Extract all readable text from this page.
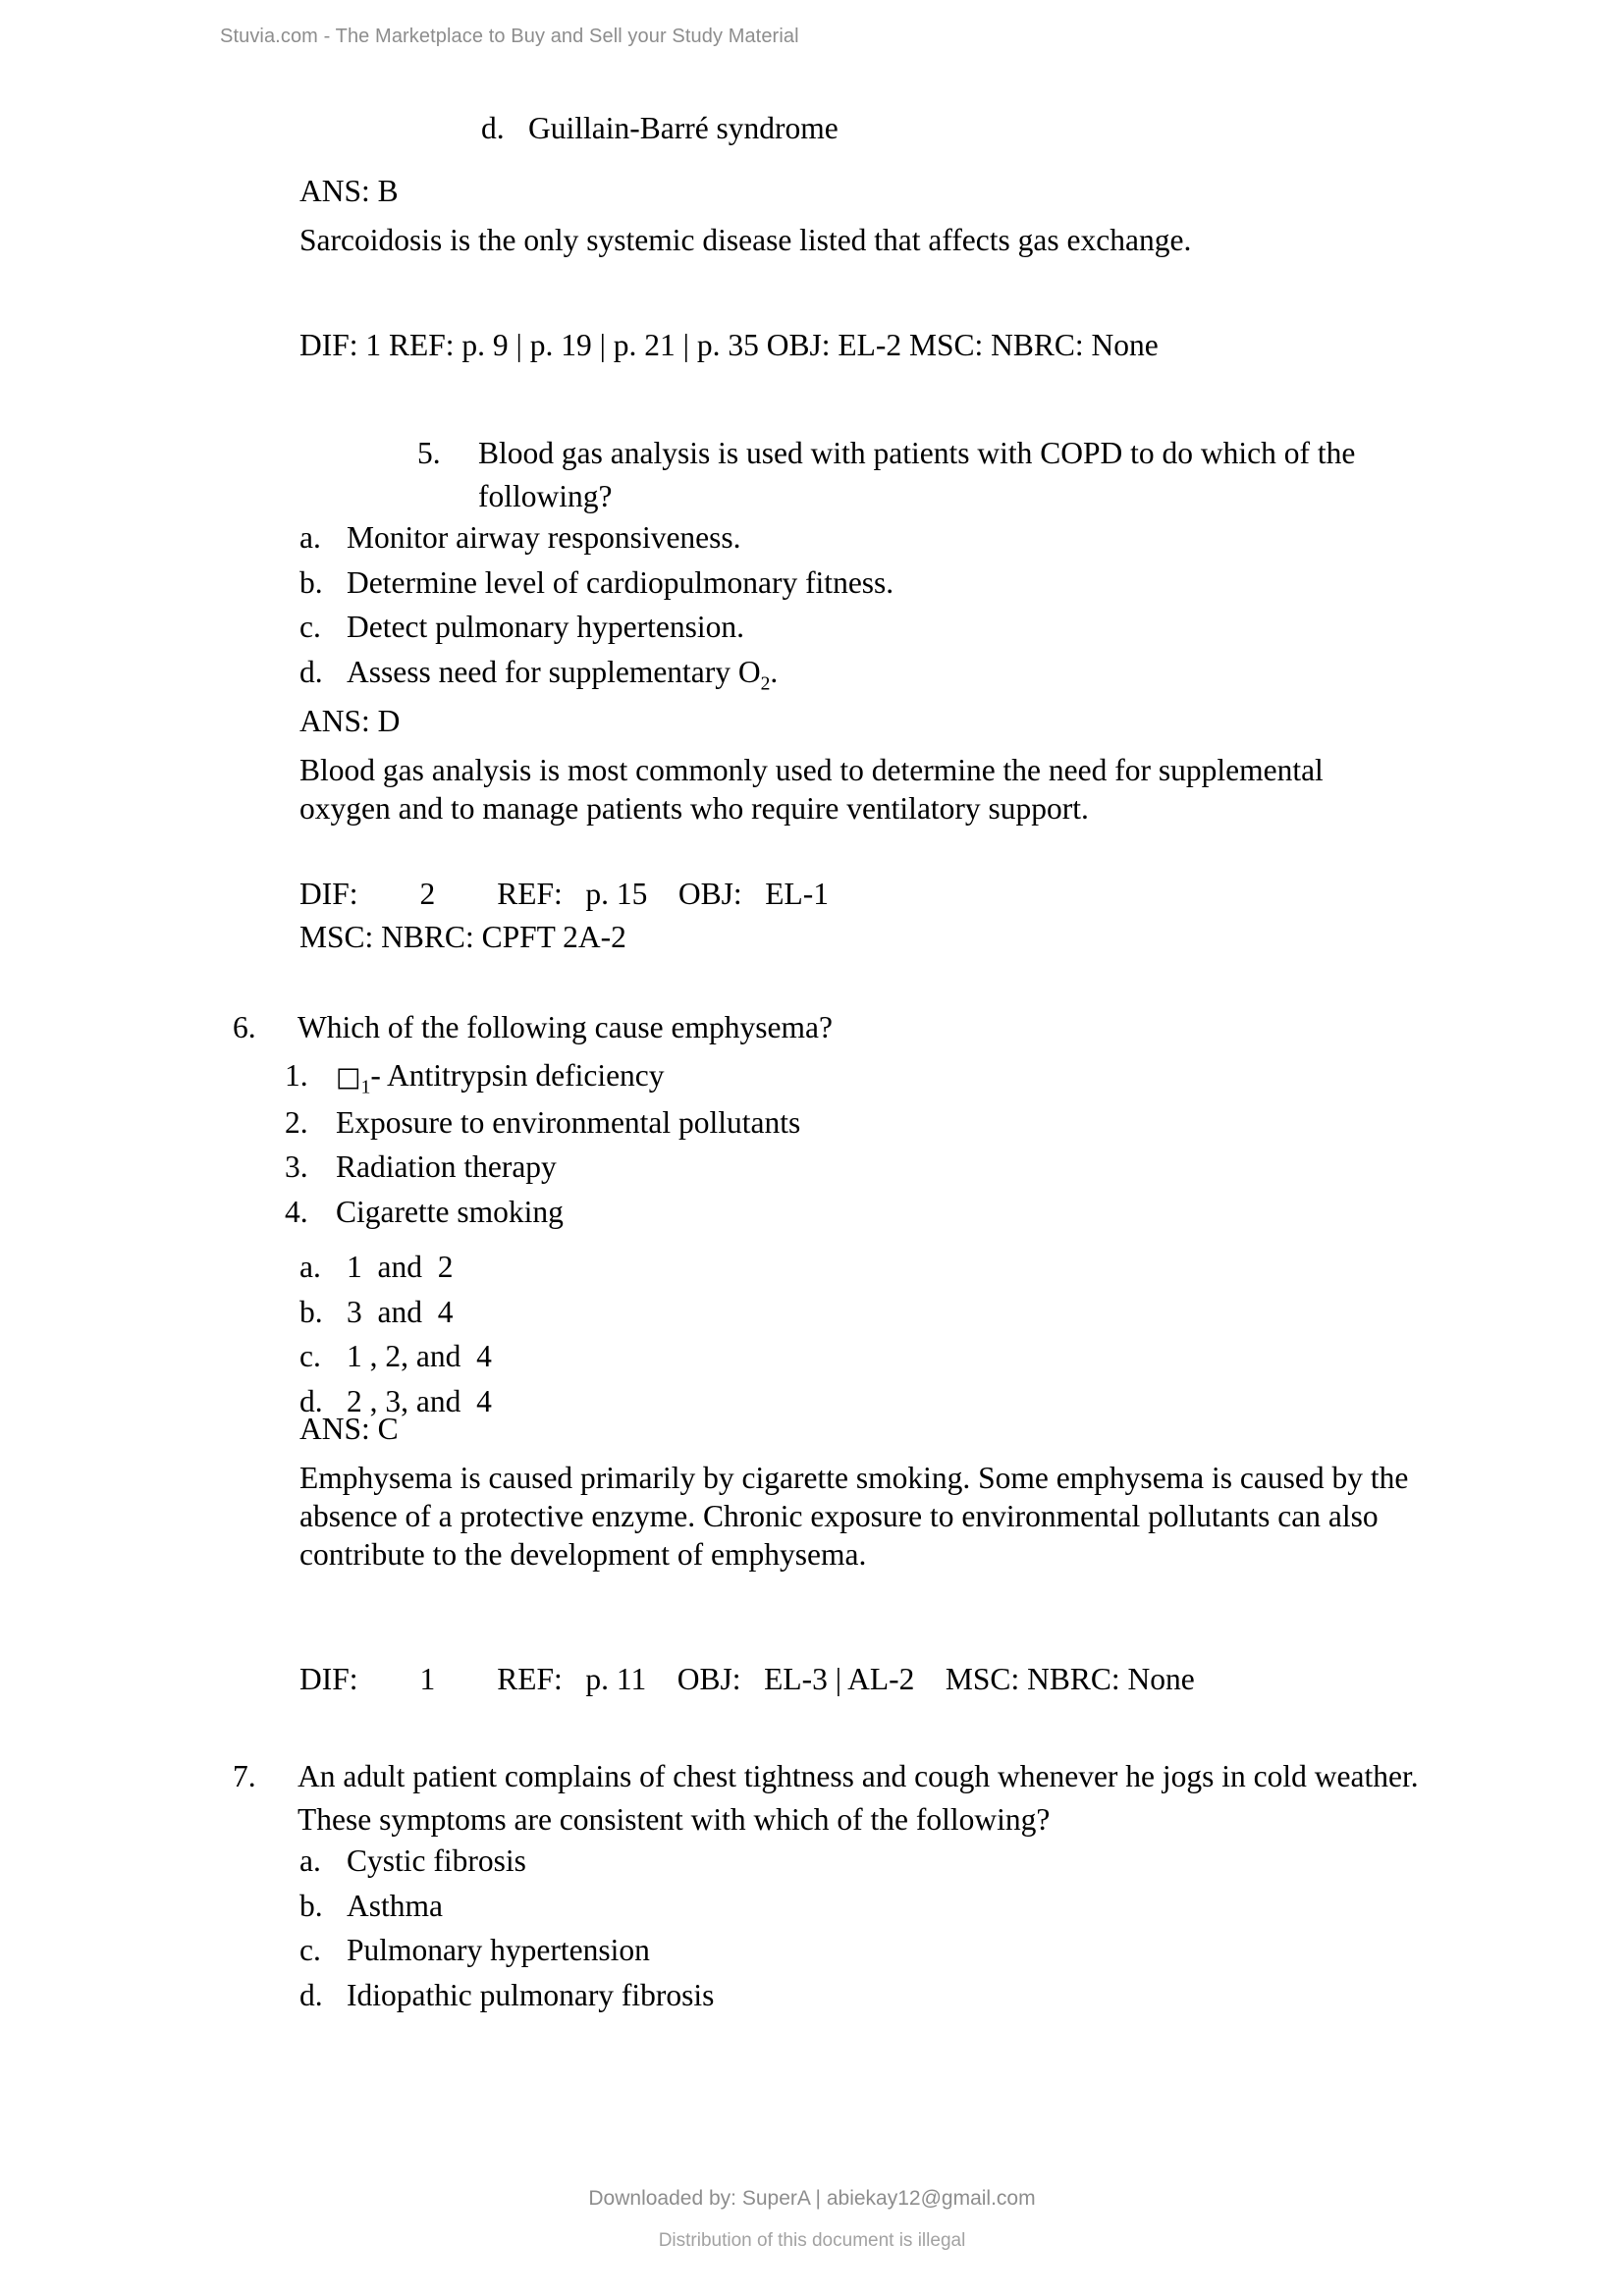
Stuvia.com - The Marketplace to Buy and Sell your Study Material
d. Guillain-Barré syndrome
ANS: B
Sarcoidosis is the only systemic disease listed that affects gas exchange.
DIF: 1 REF: p. 9 | p. 19 | p. 21 | p. 35 OBJ: EL-2 MSC: NBRC: None
5.	Blood gas analysis is used with patients with COPD to do which of the following?
a. Monitor airway responsiveness.
b. Determine level of cardiopulmonary fitness.
c. Detect pulmonary hypertension.
d. Assess need for supplementary $O_2$.
ANS: D
Blood gas analysis is most commonly used to determine the need for supplemental oxygen and to manage patients who require ventilatory support.
DIF:        2        REF:   p. 15    OBJ:   EL-1
MSC: NBRC: CPFT 2A-2
6.	Which of the following cause emphysema?
1.	$□_1-$ Antitrypsin deficiency
2. Exposure to environmental pollutants
3. Radiation therapy
4. Cigarette smoking
a. 1  and  2
b. 3  and  4
c. 1 , 2, and  4
d. 2 , 3, and  4
ANS: C
Emphysema is caused primarily by cigarette smoking. Some emphysema is caused by the absence of a protective enzyme. Chronic exposure to environmental pollutants can also contribute to the development of emphysema.
DIF:        1        REF:   p. 11    OBJ:   EL-3 | AL-2    MSC: NBRC: None
7.	An adult patient complains of chest tightness and cough whenever he jogs in cold weather. These symptoms are consistent with which of the following?
a. Cystic fibrosis
b. Asthma
c. Pulmonary hypertension
d. Idiopathic pulmonary fibrosis
Downloaded by: SuperA | abiekay12@gmail.com
Distribution of this document is illegal
